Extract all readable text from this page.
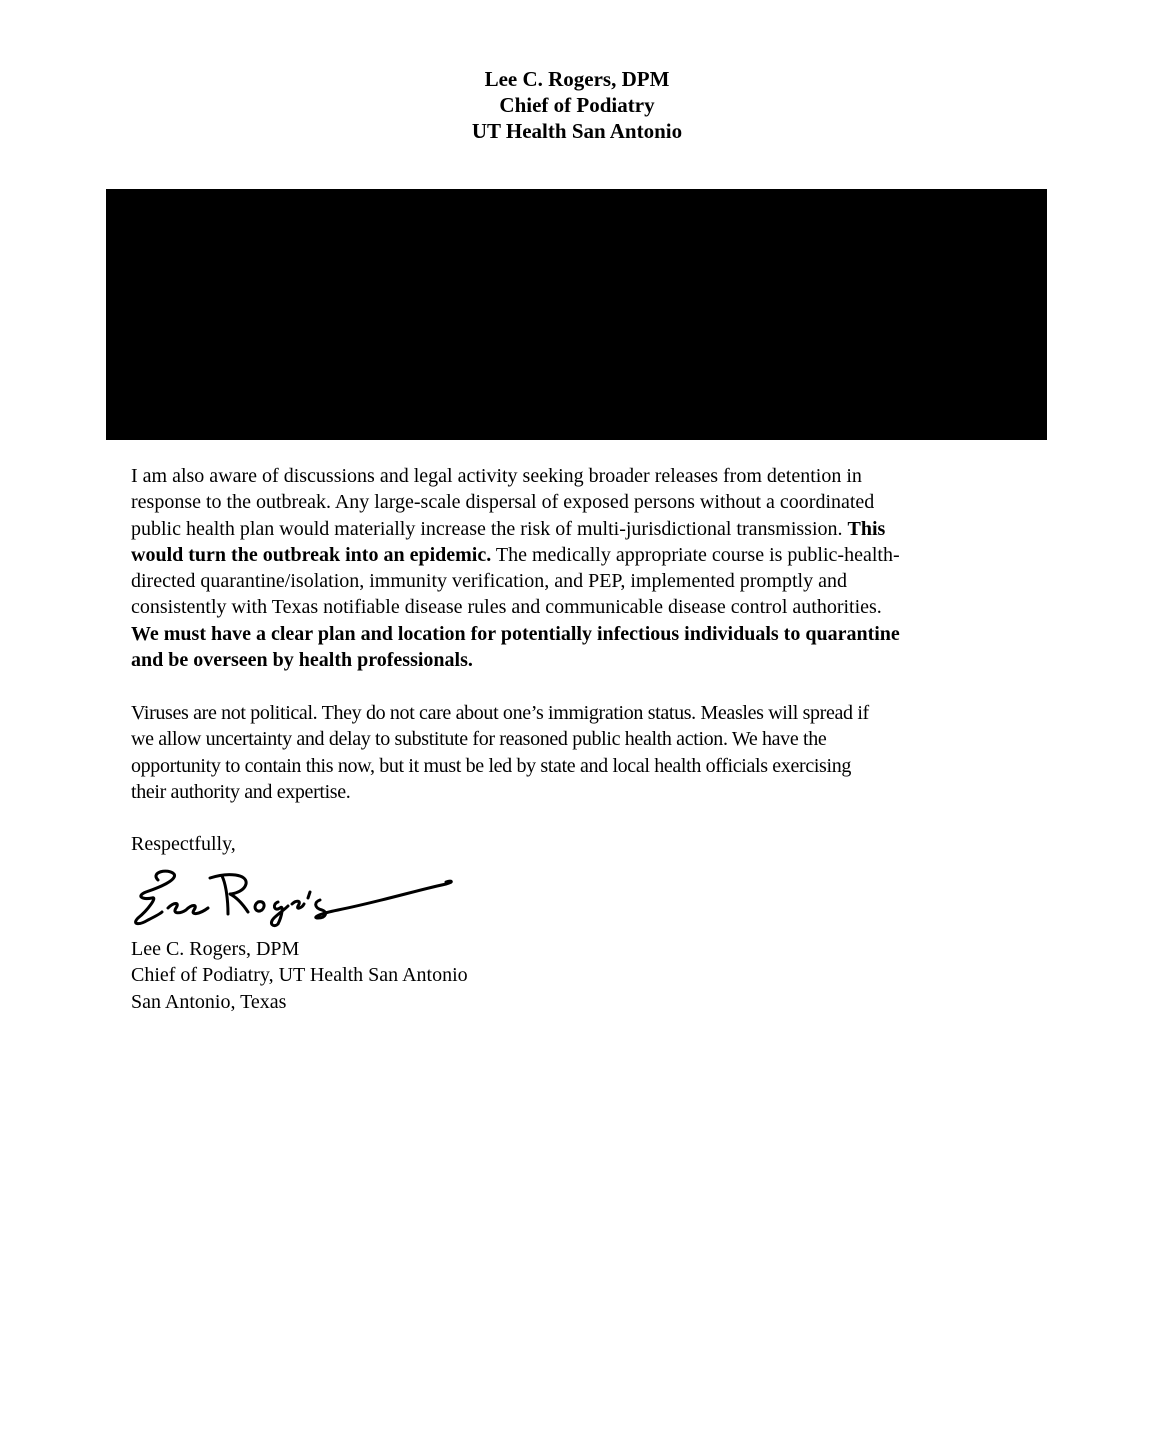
Lee C. Rogers, DPM
Chief of Podiatry
UT Health San Antonio
I am also aware of discussions and legal activity seeking broader releases from detention in
response to the outbreak. Any large-scale dispersal of exposed persons without a coordinated
public health plan would materially increase the risk of multi-jurisdictional transmission. This
would turn the outbreak into an epidemic. The medically appropriate course is public-health-
directed quarantine/isolation, immunity verification, and PEP, implemented promptly and
consistently with Texas notifiable disease rules and communicable disease control authorities.
We must have a clear plan and location for potentially infectious individuals to quarantine
and be overseen by health professionals.
Viruses are not political. They do not care about one’s immigration status. Measles will spread if
we allow uncertainty and delay to substitute for reasoned public health action. We have the
opportunity to contain this now, but it must be led by state and local health officials exercising
their authority and expertise.
Respectfully,
Lee C. Rogers, DPM
Chief of Podiatry, UT Health San Antonio
San Antonio, Texas
